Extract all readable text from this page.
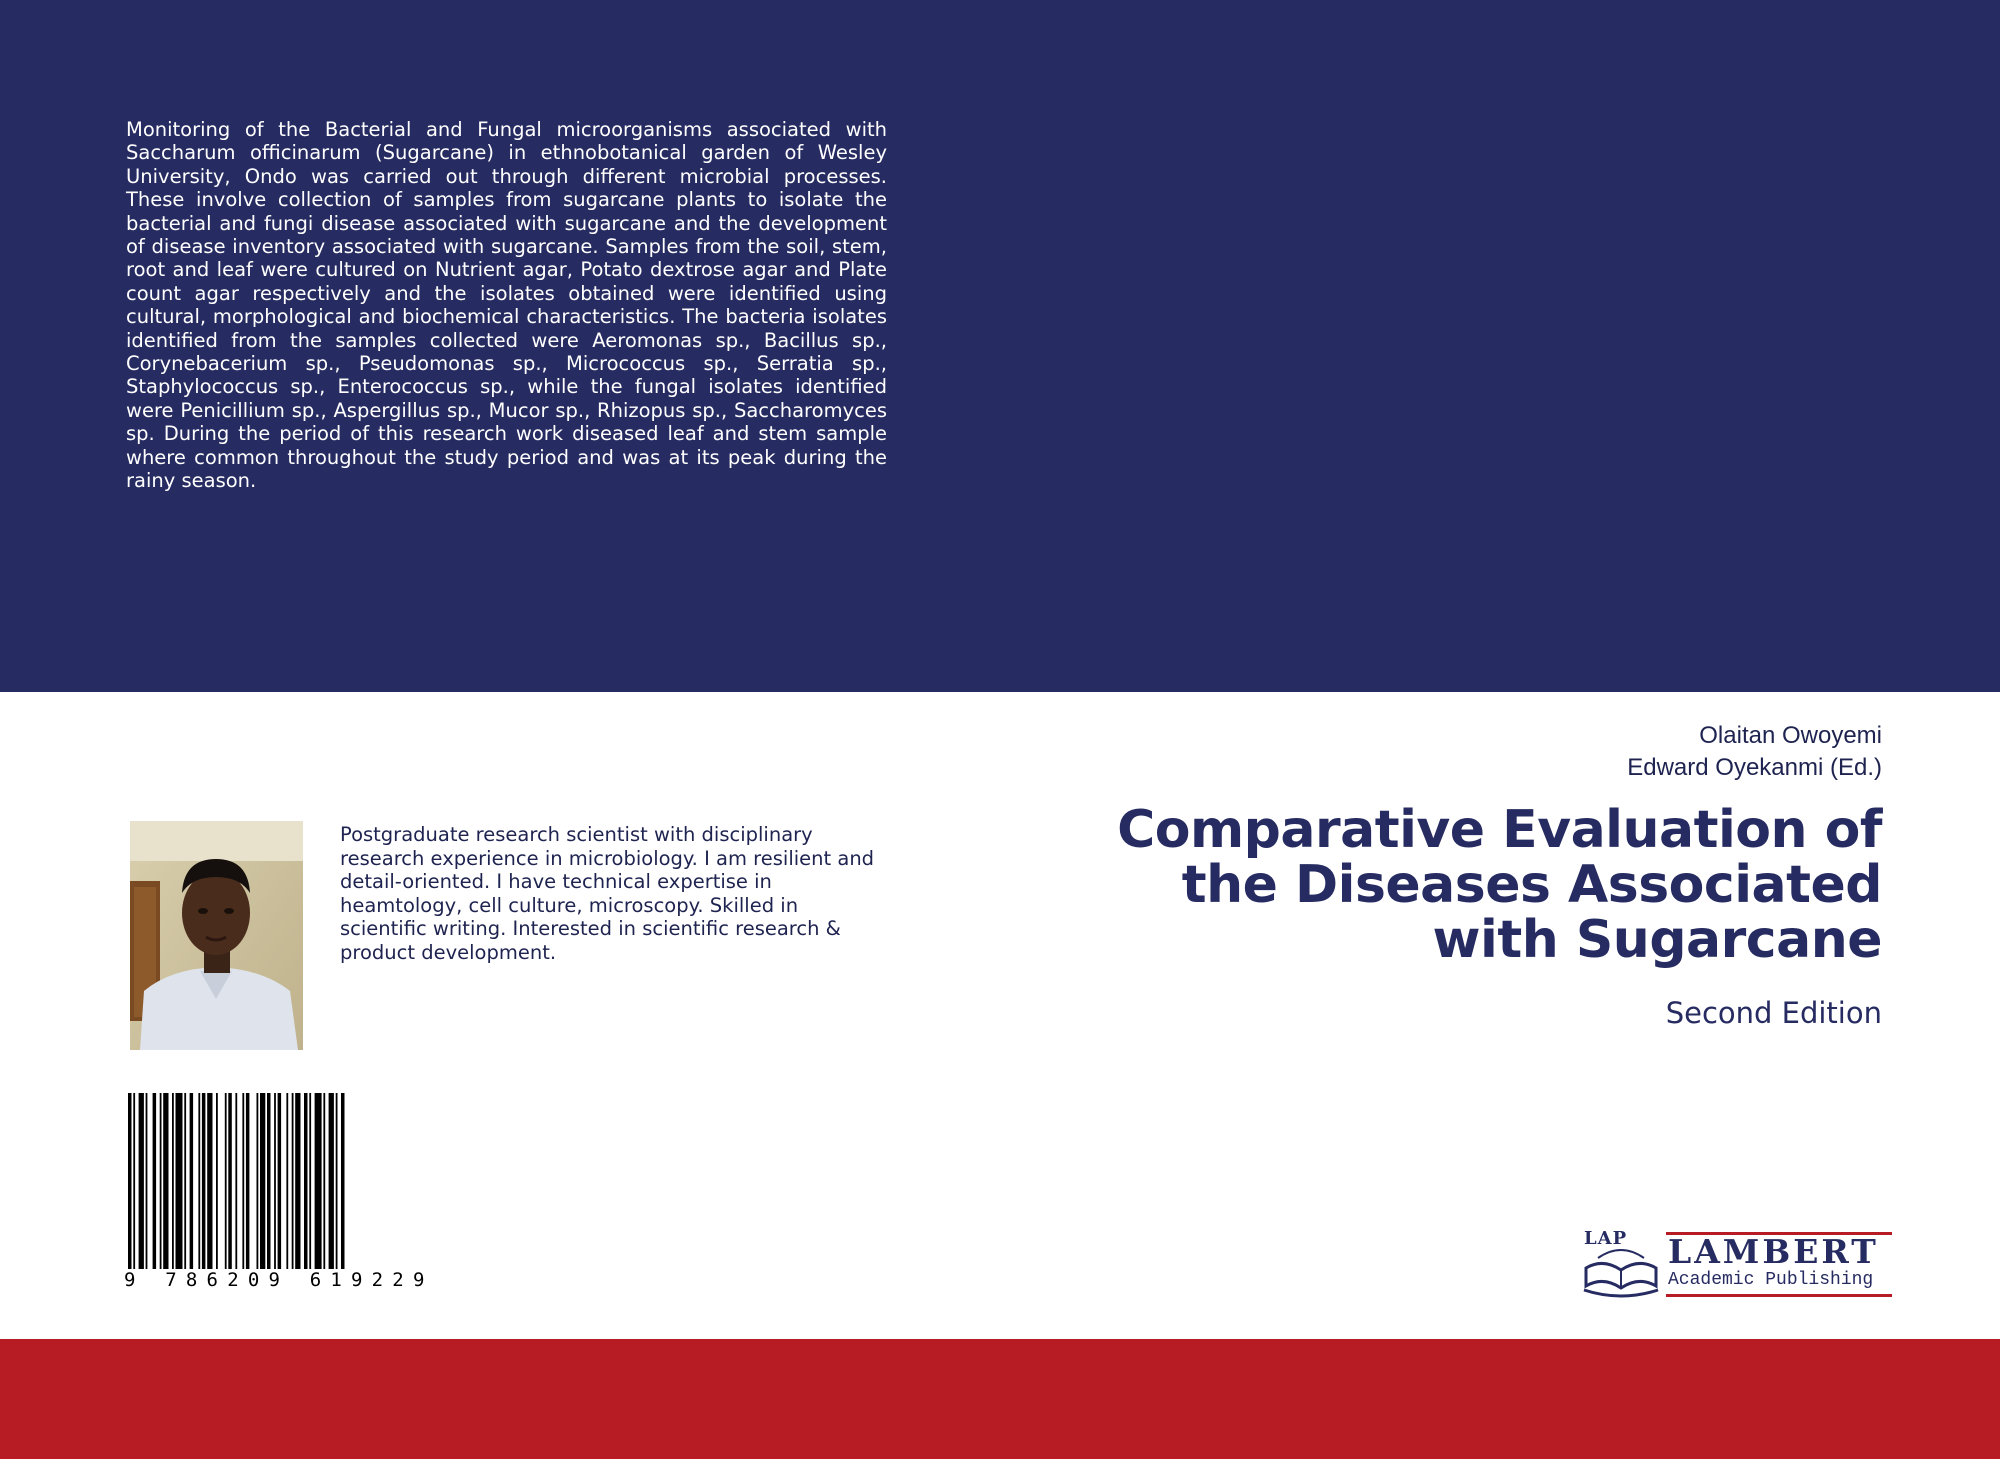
Monitoring of the Bacterial and Fungal microorganisms associated with Saccharum officinarum (Sugarcane) in ethnobotanical garden of Wesley University, Ondo was carried out through different microbial processes. These involve collection of samples from sugarcane plants to isolate the bacterial and fungi disease associated with sugarcane and the development of disease inventory associated with sugarcane. Samples from the soil, stem, root and leaf were cultured on Nutrient agar, Potato dextrose agar and Plate count agar respectively and the isolates obtained were identified using cultural, morphological and biochemical characteristics. The bacteria isolates identified from the samples collected were Aeromonas sp., Bacillus sp., Corynebacerium sp., Pseudomonas sp., Micrococcus sp., Serratia sp., Staphylococcus sp., Enterococcus sp., while the fungal isolates identified were Penicillium sp., Aspergillus sp., Mucor sp., Rhizopus sp., Saccharomyces sp. During the period of this research work diseased leaf and stem sample where common throughout the study period and was at its peak during the rainy season.

Olaitan Owoyemi
Edward Oyekanmi (Ed.)
Comparative Evaluation of
the Diseases Associated
with Sugarcane
Second Edition

Postgraduate research scientist with disciplinary research experience in microbiology. I am resilient and detail-oriented. I have technical expertise in heamtology, cell culture, microscopy. Skilled in scientific writing. Interested in scientific research & product development.

9 786209 619229
LAP LAMBERT
Academic Publishing
